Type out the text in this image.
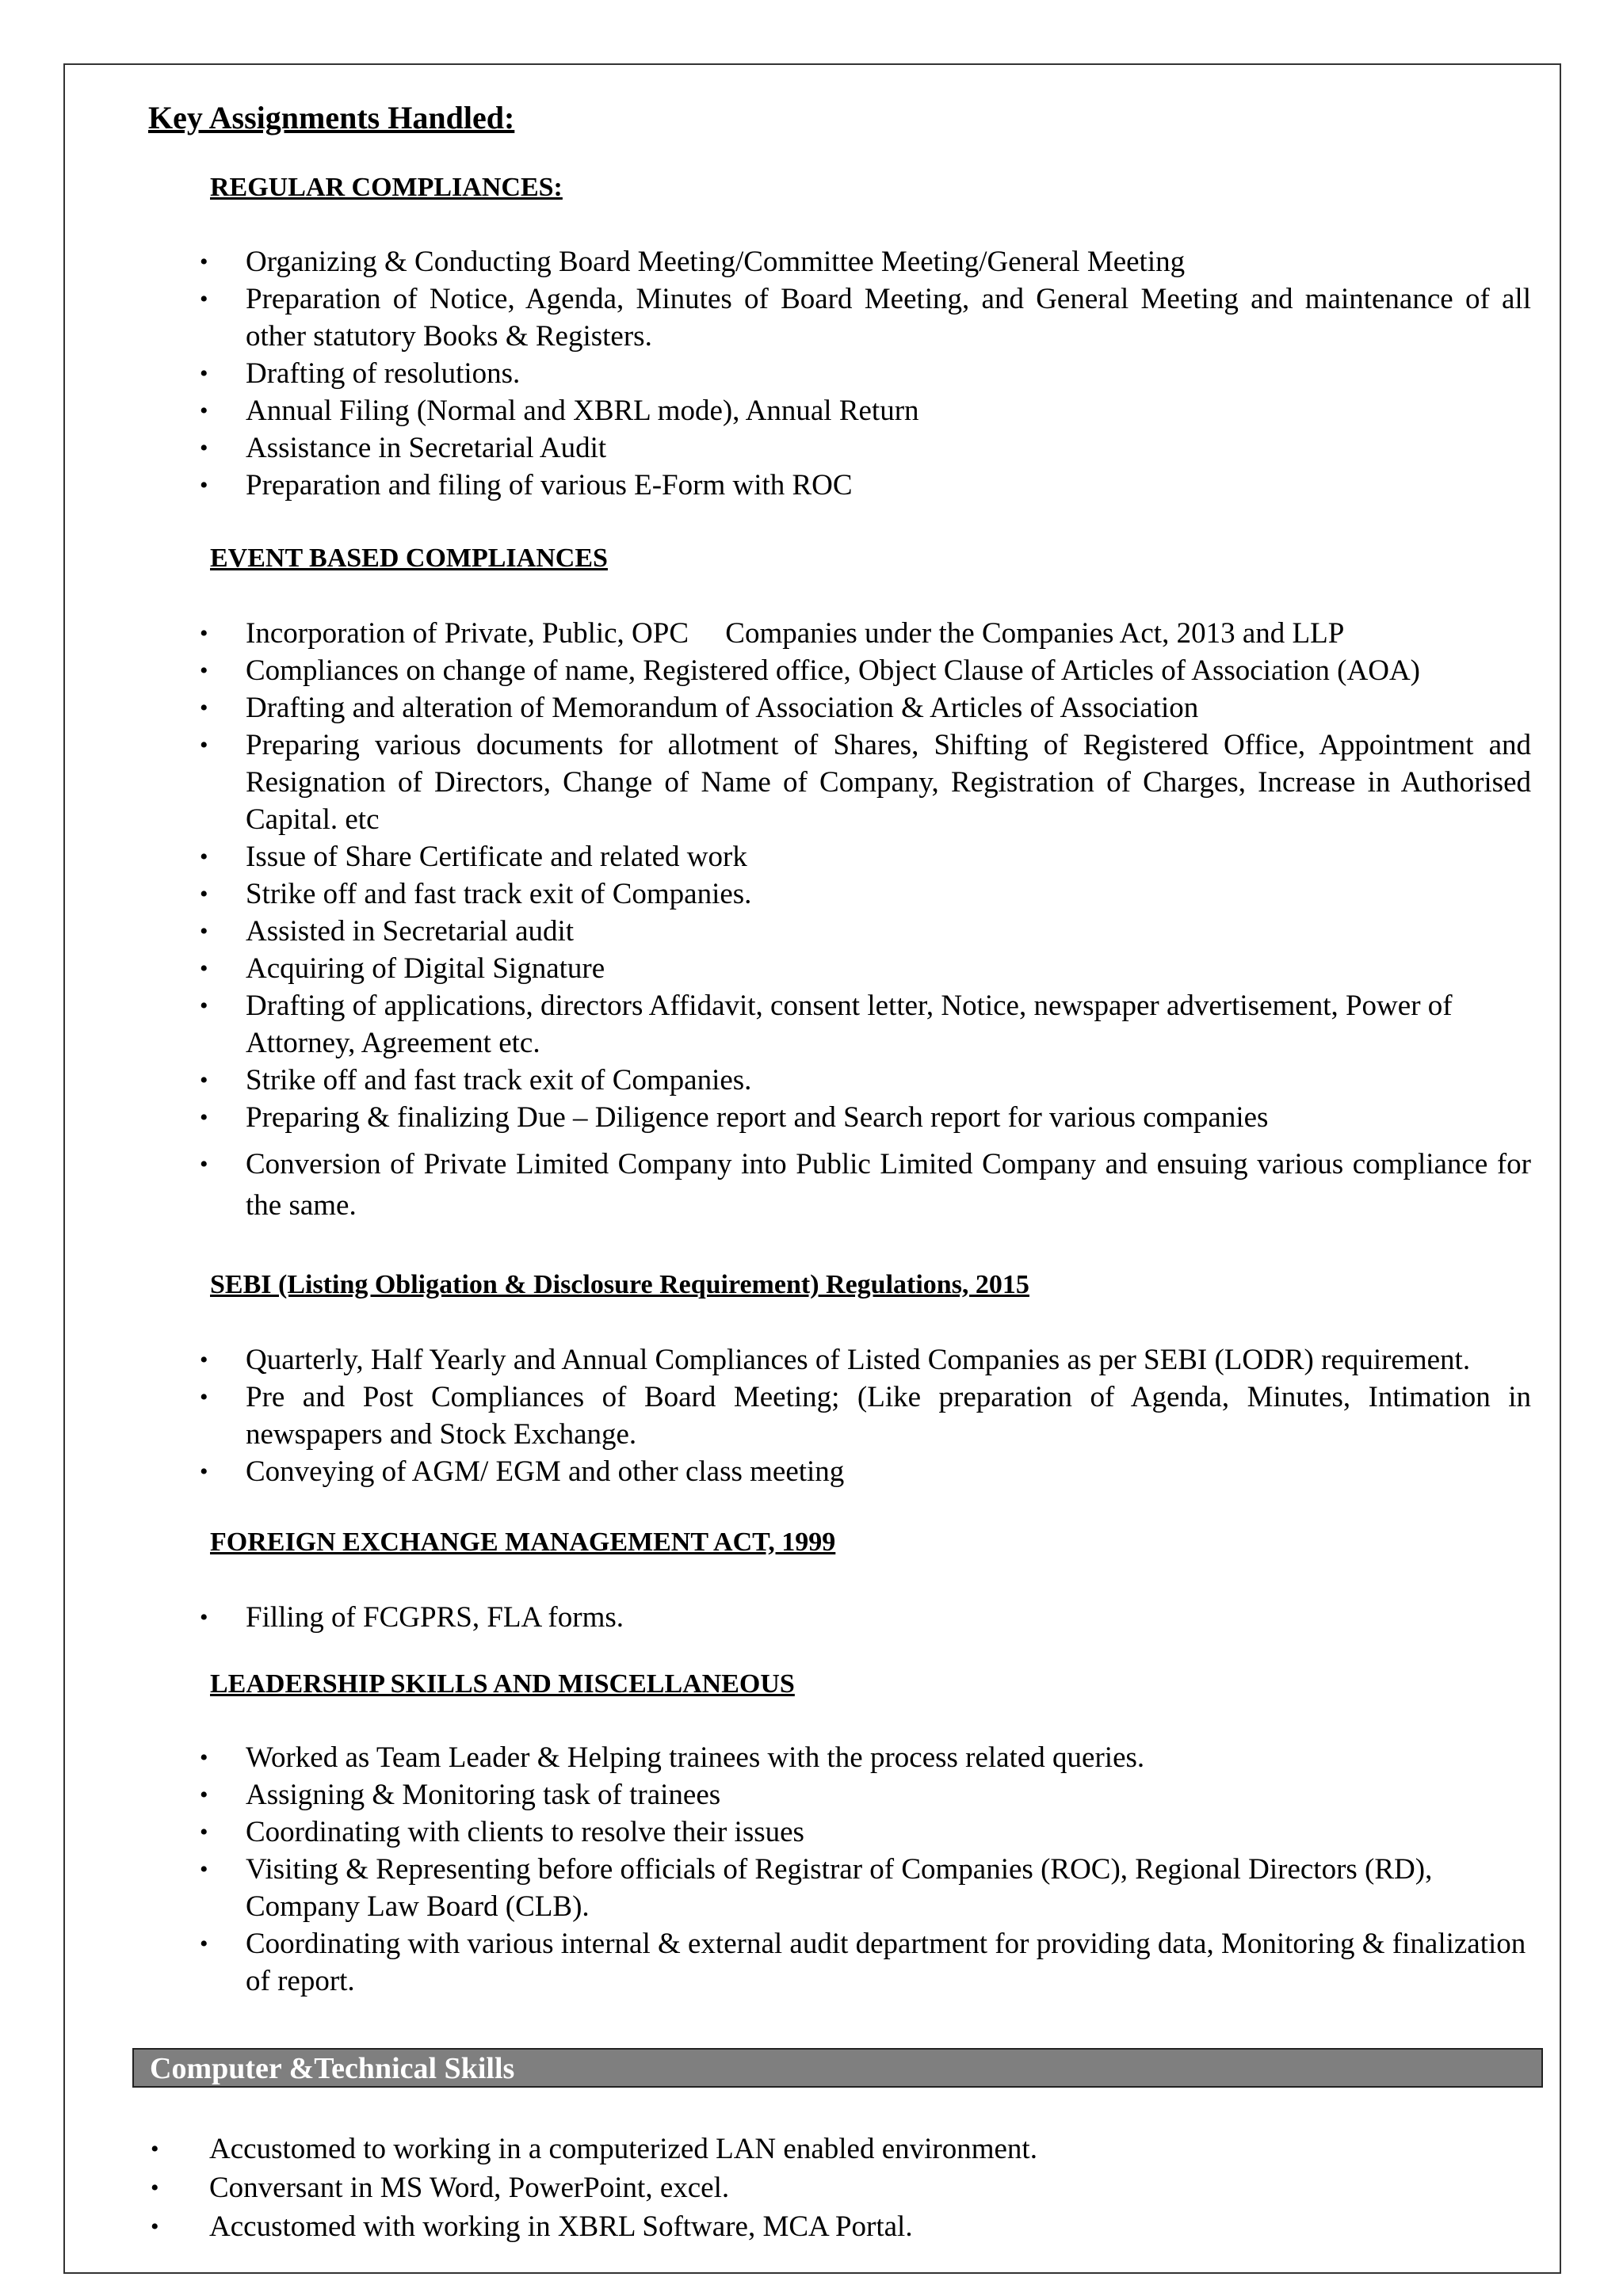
Key Assignments Handled:
REGULAR COMPLIANCES:
• Organizing & Conducting Board Meeting/Committee Meeting/General Meeting
• Preparation of Notice, Agenda, Minutes of Board Meeting, and General Meeting and maintenance of all other statutory Books & Registers.
• Drafting of resolutions.
• Annual Filing (Normal and XBRL mode), Annual Return
• Assistance in Secretarial Audit
• Preparation and filing of various E-Form with ROC
EVENT BASED COMPLIANCES
• Incorporation of Private, Public, OPC     Companies under the Companies Act, 2013 and LLP
• Compliances on change of name, Registered office, Object Clause of Articles of Association (AOA)
• Drafting and alteration of Memorandum of Association & Articles of Association
• Preparing various documents for allotment of Shares, Shifting of Registered Office, Appointment and Resignation of Directors, Change of Name of Company, Registration of Charges, Increase in Authorised Capital. etc
• Issue of Share Certificate and related work
• Strike off and fast track exit of Companies.
• Assisted in Secretarial audit
• Acquiring of Digital Signature
• Drafting of applications, directors Affidavit, consent letter, Notice, newspaper advertisement, Power of Attorney, Agreement etc.
• Strike off and fast track exit of Companies.
• Preparing & finalizing Due – Diligence report and Search report for various companies
• Conversion of Private Limited Company into Public Limited Company and ensuing various compliance for the same.
SEBI (Listing Obligation & Disclosure Requirement) Regulations, 2015
• Quarterly, Half Yearly and Annual Compliances of Listed Companies as per SEBI (LODR) requirement.
• Pre and Post Compliances of Board Meeting; (Like preparation of Agenda, Minutes, Intimation in newspapers and Stock Exchange.
• Conveying of AGM/ EGM and other class meeting
FOREIGN EXCHANGE MANAGEMENT ACT, 1999
• Filling of FCGPRS, FLA forms.
LEADERSHIP SKILLS AND MISCELLANEOUS
• Worked as Team Leader & Helping trainees with the process related queries.
• Assigning & Monitoring task of trainees
• Coordinating with clients to resolve their issues
• Visiting & Representing before officials of Registrar of Companies (ROC), Regional Directors (RD), Company Law Board (CLB).
• Coordinating with various internal & external audit department for providing data, Monitoring & finalization of report.
Computer &Technical Skills
• Accustomed to working in a computerized LAN enabled environment.
• Conversant in MS Word, PowerPoint, excel.
• Accustomed with working in XBRL Software, MCA Portal.
